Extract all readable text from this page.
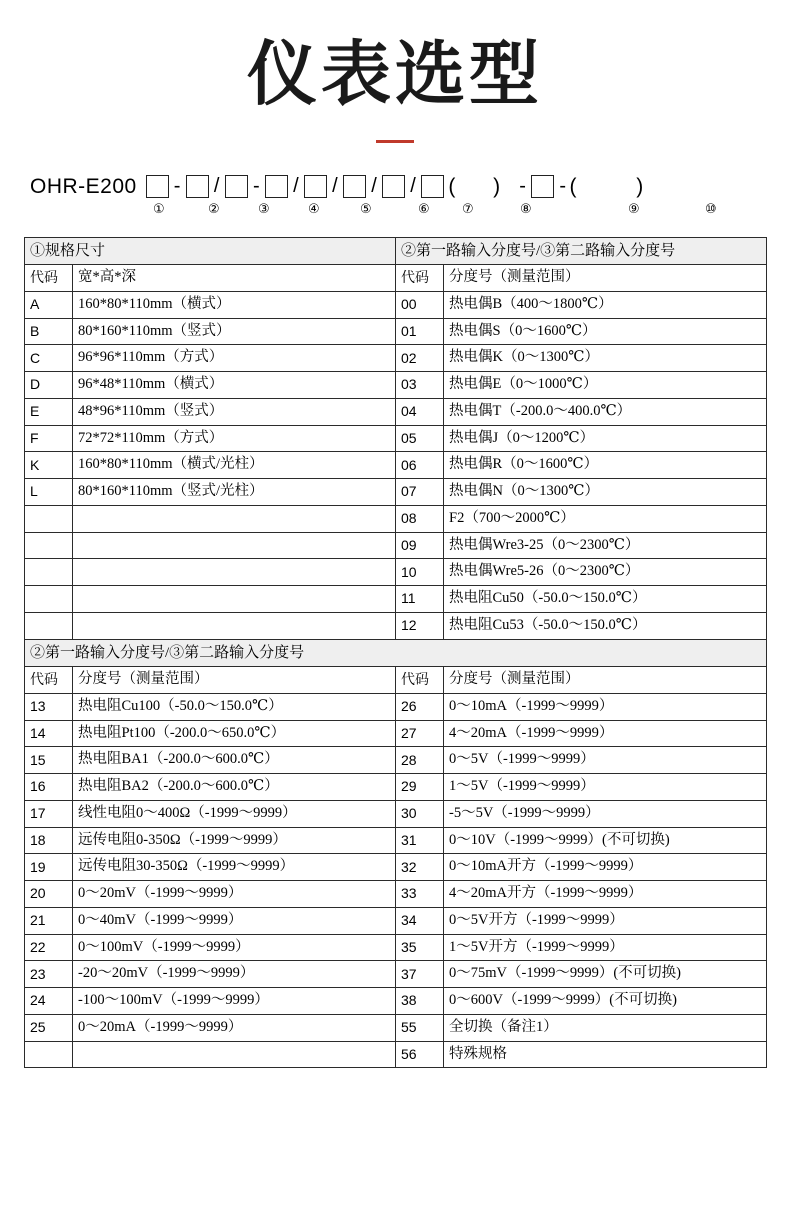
仪表选型
OHR-E200 - / - / / / / ( ) - - (  )
①	②	③	④	⑤	⑥ ⑦	⑧	⑨	⑩
①规格尺寸		②第一路输入分度号/③第二路输入分度号	
代码	宽*高*深	代码	分度号（测量范围）
A	160*80*110mm（横式）	00	热电偶B（400～1800℃）
B	80*160*110mm（竖式）	01	热电偶S（0～1600℃）
C	96*96*110mm（方式）	02	热电偶K（0～1300℃）
D	96*48*110mm（横式）	03	热电偶E（0～1000℃）
E	48*96*110mm（竖式）	04	热电偶T（-200.0～400.0℃）
F	72*72*110mm（方式）	05	热电偶J（0～1200℃）
K	160*80*110mm（横式/光柱）	06	热电偶R（0～1600℃）
L	80*160*110mm（竖式/光柱）	07	热电偶N（0～1300℃）
		08	F2（700～2000℃）
		09	热电偶Wre3-25（0～2300℃）
		10	热电偶Wre5-26（0～2300℃）
		11	热电阻Cu50（-50.0～150.0℃）
		12	热电阻Cu53（-50.0～150.0℃）
②第一路输入分度号/③第二路输入分度号			
代码	分度号（测量范围）	代码	分度号（测量范围）
13	热电阻Cu100（-50.0～150.0℃）	26	0～10mA（-1999～9999）
14	热电阻Pt100（-200.0～650.0℃）	27	4～20mA（-1999～9999）
15	热电阻BA1（-200.0～600.0℃）	28	0～5V（-1999～9999）
16	热电阻BA2（-200.0～600.0℃）	29	1～5V（-1999～9999）
17	线性电阻0～400Ω（-1999～9999）	30	-5～5V（-1999～9999）
18	远传电阻0-350Ω（-1999～9999）	31	0～10V（-1999～9999）(不可切换)
19	远传电阻30-350Ω（-1999～9999）	32	0～10mA开方（-1999～9999）
20	0～20mV（-1999～9999）	33	4～20mA开方（-1999～9999）
21	0～40mV（-1999～9999）	34	0～5V开方（-1999～9999）
22	0～100mV（-1999～9999）	35	1～5V开方（-1999～9999）
23	-20～20mV（-1999～9999）	37	0～75mV（-1999～9999）(不可切换)
24	-100～100mV（-1999～9999）	38	0～600V（-1999～9999）(不可切换)
25	0～20mA（-1999～9999）	55	全切换（备注1）
		56	特殊规格
